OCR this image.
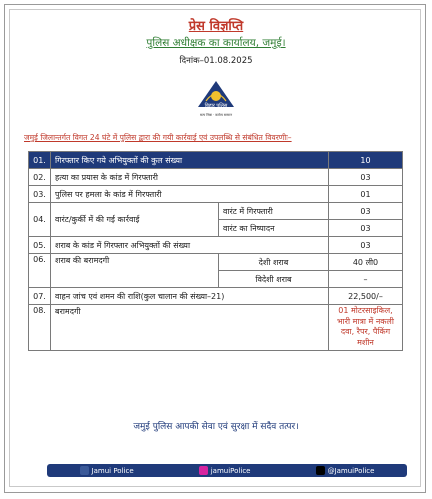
प्रेस विज्ञप्ति
पुलिस अधीक्षक का कार्यालय, जमुई।
दिनांक–01.08.2025
बिहार पुलिस
सत्य निष्ठा · कर्तव्य सम्मान
जमुई जिलान्तर्गत विगत 24 घंटे में पुलिस द्वारा की गयी कार्रवाई एवं उपलब्धि से संबंधित विवरणीः–
01.	गिरफ्तार किए गये अभियुक्तों की कुल संख्या		10
02.	हत्या का प्रयास के कांड में गिरफ्तारी		03
03.	पुलिस पर हमला के कांड में गिरफ्तारी		01
04.	वारंट/कुर्की में की गई कार्रवाई	वारंट में गिरफ्तारी	03
		वारंट का निष्पादन	03
05.	शराब के कांड में गिरफ्तार अभियुक्तों की संख्या		03
06.	शराब की बरामदगी	देशी शराब	40 ली0
		विदेशी शराब	–
07.	वाहन जांच एवं शमन की राशि(कुल चालान की संख्या–21)		22,500/–
08.	बरामदगी		01 मोटरसाइकिल, भारी मात्रा में नकली दवा, रैपर, पैकिंग मशीन
जमुई पुलिस आपकी सेवा एवं सुरक्षा में सदैव तत्पर।
Jamui Police	jamuiPolice	@JamuiPolice
